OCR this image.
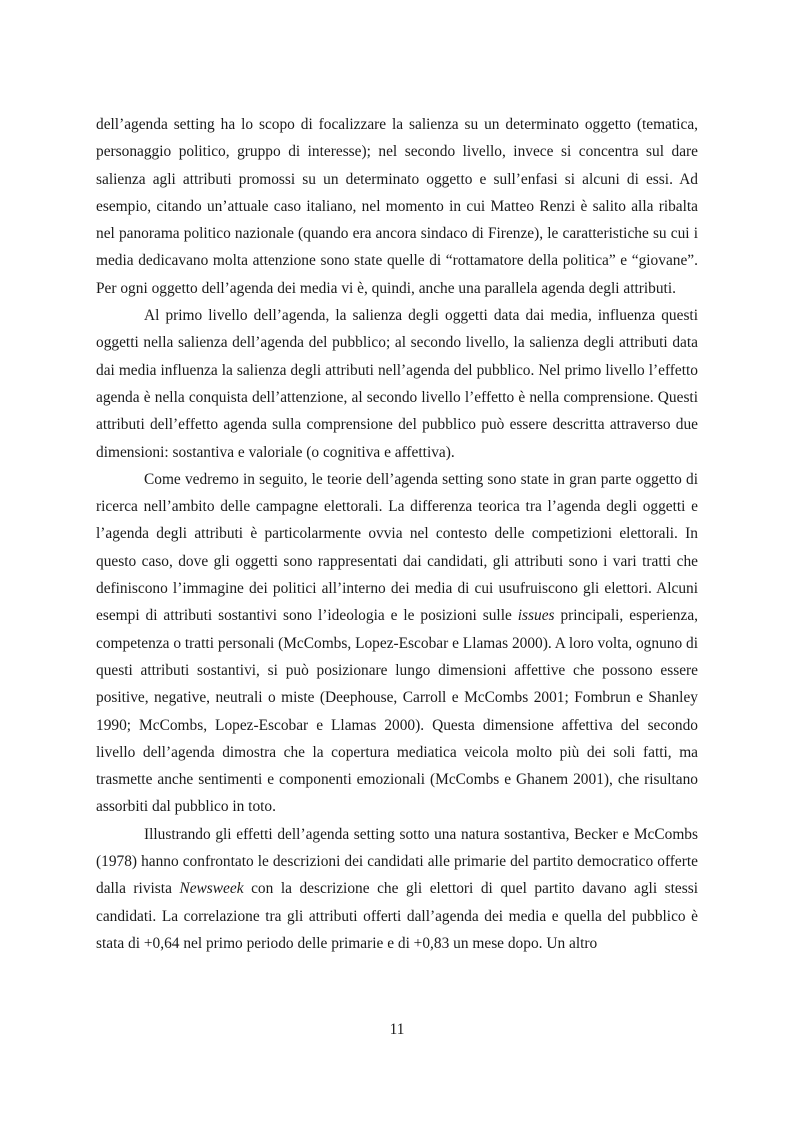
dell’agenda setting ha lo scopo di focalizzare la salienza su un determinato oggetto (tematica, personaggio politico, gruppo di interesse); nel secondo livello, invece si concentra sul dare salienza agli attributi promossi su un determinato oggetto e sull’enfasi si alcuni di essi. Ad esempio, citando un’attuale caso italiano, nel momento in cui Matteo Renzi è salito alla ribalta nel panorama politico nazionale (quando era ancora sindaco di Firenze), le caratteristiche su cui i media dedicavano molta attenzione sono state quelle di “rottamatore della politica” e “giovane”. Per ogni oggetto dell’agenda dei media vi è, quindi, anche una parallela agenda degli attributi.

Al primo livello dell’agenda, la salienza degli oggetti data dai media, influenza questi oggetti nella salienza dell’agenda del pubblico; al secondo livello, la salienza degli attributi data dai media influenza la salienza degli attributi nell’agenda del pubblico. Nel primo livello l’effetto agenda è nella conquista dell’attenzione, al secondo livello l’effetto è nella comprensione. Questi attributi dell’effetto agenda sulla comprensione del pubblico può essere descritta attraverso due dimensioni: sostantiva e valoriale (o cognitiva e affettiva).

Come vedremo in seguito, le teorie dell’agenda setting sono state in gran parte oggetto di ricerca nell’ambito delle campagne elettorali. La differenza teorica tra l’agenda degli oggetti e l’agenda degli attributi è particolarmente ovvia nel contesto delle competizioni elettorali. In questo caso, dove gli oggetti sono rappresentati dai candidati, gli attributi sono i vari tratti che definiscono l’immagine dei politici all’interno dei media di cui usufruiscono gli elettori. Alcuni esempi di attributi sostantivi sono l’ideologia e le posizioni sulle issues principali, esperienza, competenza o tratti personali (McCombs, Lopez-Escobar e Llamas 2000). A loro volta, ognuno di questi attributi sostantivi, si può posizionare lungo dimensioni affettive che possono essere positive, negative, neutrali o miste (Deephouse, Carroll e McCombs 2001; Fombrun e Shanley 1990; McCombs, Lopez-Escobar e Llamas 2000). Questa dimensione affettiva del secondo livello dell’agenda dimostra che la copertura mediatica veicola molto più dei soli fatti, ma trasmette anche sentimenti e componenti emozionali (McCombs e Ghanem 2001), che risultano assorbiti dal pubblico in toto.

Illustrando gli effetti dell’agenda setting sotto una natura sostantiva, Becker e McCombs (1978) hanno confrontato le descrizioni dei candidati alle primarie del partito democratico offerte dalla rivista Newsweek con la descrizione che gli elettori di quel partito davano agli stessi candidati. La correlazione tra gli attributi offerti dall’agenda dei media e quella del pubblico è stata di +0,64 nel primo periodo delle primarie e di +0,83 un mese dopo. Un altro

11
